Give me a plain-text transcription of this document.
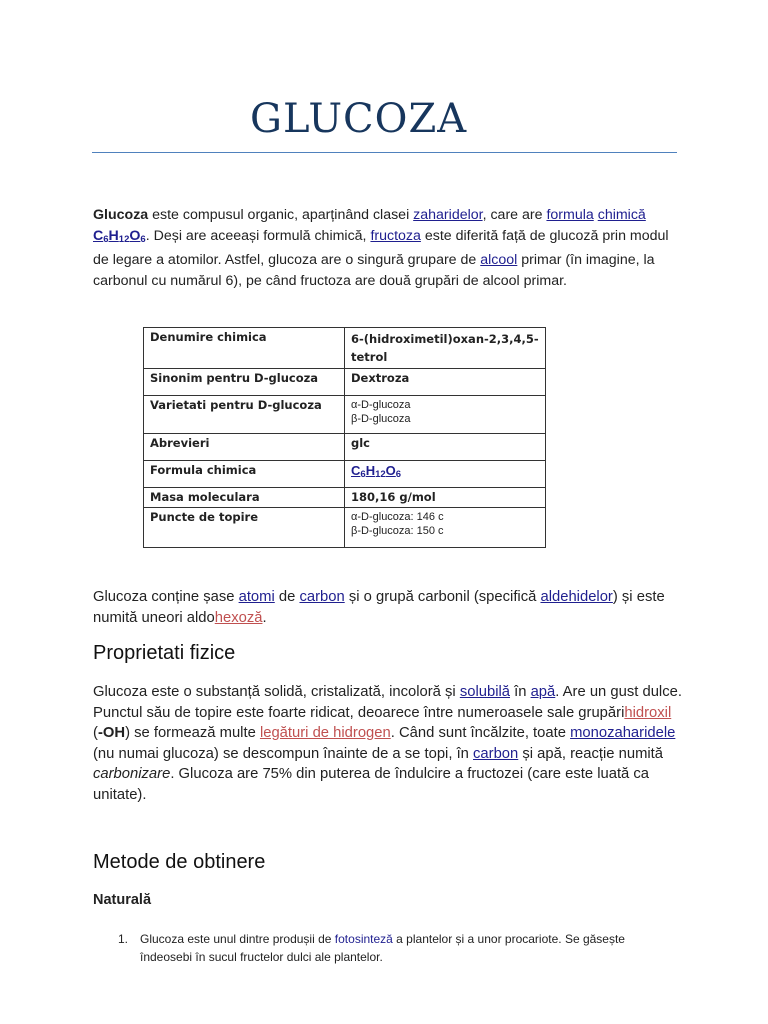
GLUCOZA
Glucoza este compusul organic, aparținând clasei zaharidelor, care are formula chimică $C_6H_{12}O_6$. Deși are aceeași formulă chimică, fructoza este diferită față de glucoză prin modul de legare a atomilor. Astfel, glucoza are o singură grupare de alcool primar (în imagine, la carbonul cu numărul 6), pe când fructoza are două grupări de alcool primar.
Denumire chimica	6-(hidroximetil)oxan-2,3,4,5-tetrol
Sinonim pentru D-glucoza	Dextroza
Varietati pentru D-glucoza	α-D-glucoza
β-D-glucoza

Abrevieri	glc
Formula chimica	$C_6H_{12}O_6$
Masa moleculara	180,16 g/mol
Puncte de topire	α-D-glucoza: 146 c
β-D-glucoza: 150 c
Glucoza conține șase atomi de carbon și o grupă carbonil (specifică aldehidelor) și este numită uneori aldohexoză.
Proprietati fizice
Glucoza este o substanță solidă, cristalizată, incoloră și solubilă în apă. Are un gust dulce. Punctul său de topire este foarte ridicat, deoarece între numeroasele sale grupărihidroxil (-OH) se formează multe legături de hidrogen. Când sunt încălzite, toate monozaharidele (nu numai glucoza) se descompun înainte de a se topi, în carbon și apă, reacție numită carbonizare. Glucoza are 75% din puterea de îndulcire a fructozei (care este luată ca unitate).
Metode de obtinere
Naturală
1. Glucoza este unul dintre produșii de fotosinteză a plantelor și a unor procariote. Se găsește îndeosebi în sucul fructelor dulci ale plantelor.
